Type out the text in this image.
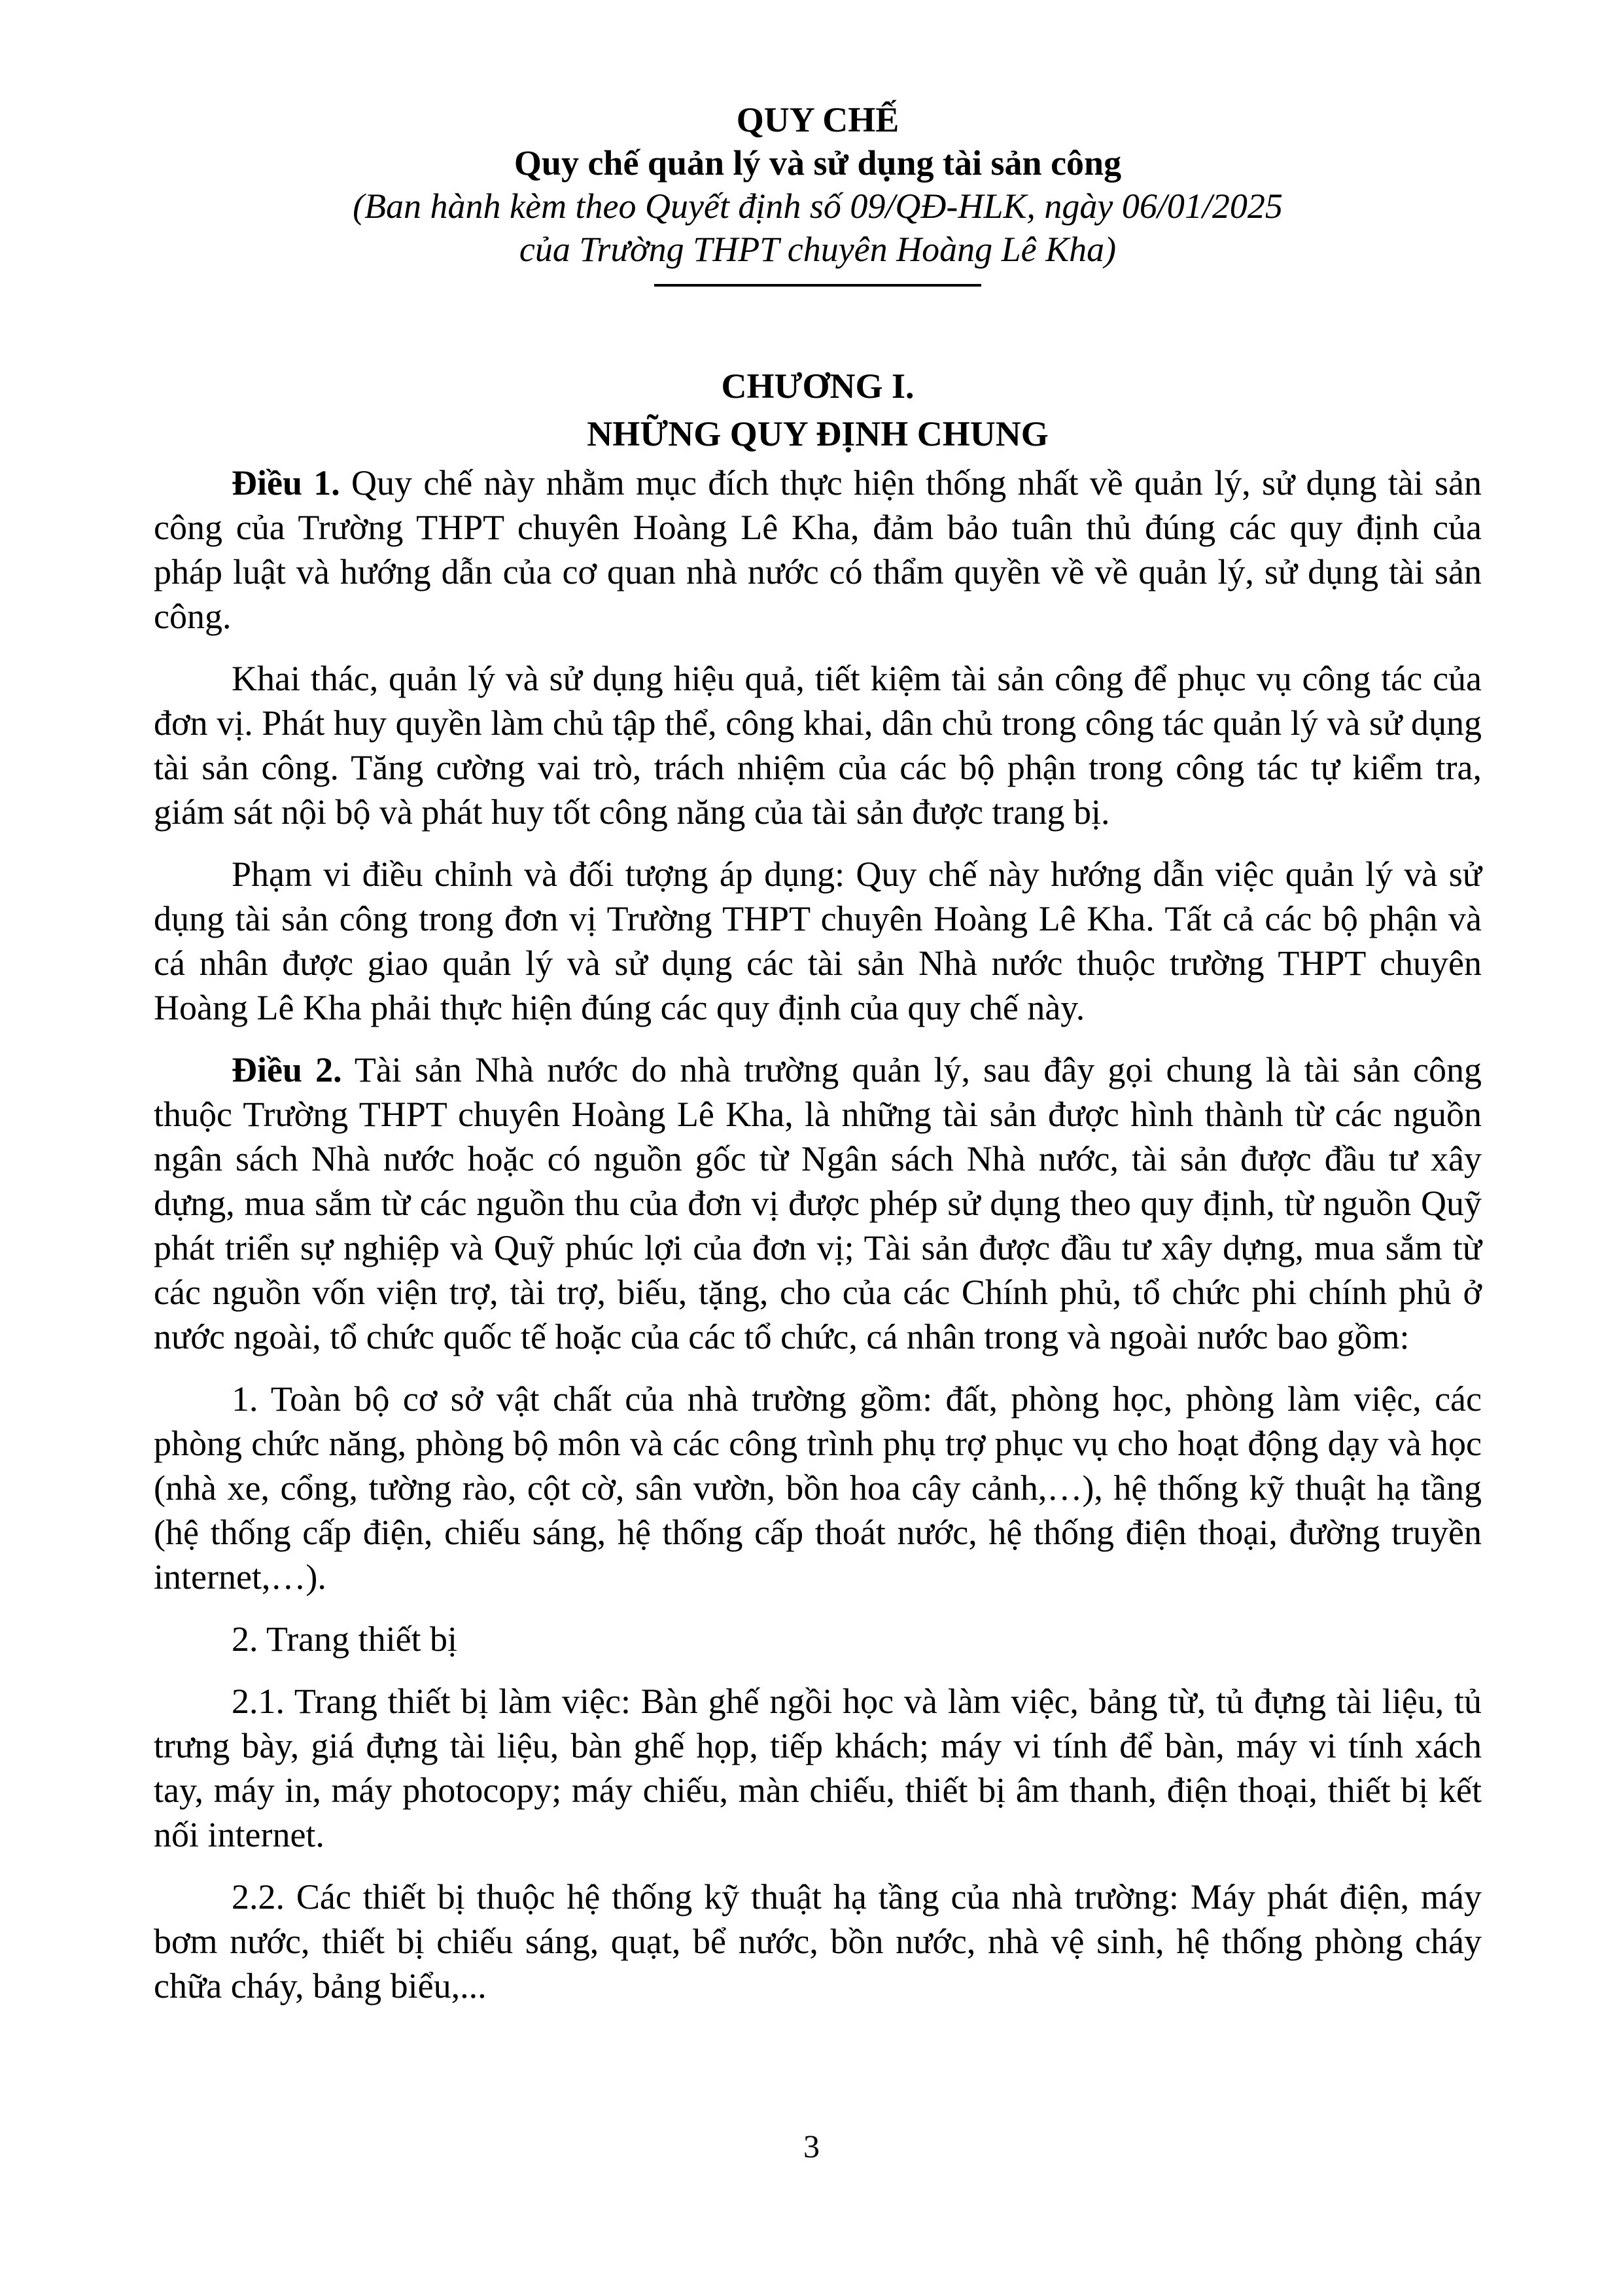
QUY CHẾ

Quy chế quản lý và sử dụng tài sản công

(Ban hành kèm theo Quyết định số 09/QĐ-HLK, ngày 06/01/2025

của Trường THPT chuyên Hoàng Lê Kha)

CHƯƠNG I.

NHỮNG QUY ĐỊNH CHUNG

Điều 1. Quy chế này nhằm mục đích thực hiện thống nhất về quản lý, sử dụng tài sản công của Trường THPT chuyên Hoàng Lê Kha, đảm bảo tuân thủ đúng các quy định của pháp luật và hướng dẫn của cơ quan nhà nước có thẩm quyền về về quản lý, sử dụng tài sản công.

Khai thác, quản lý và sử dụng hiệu quả, tiết kiệm tài sản công để phục vụ công tác của đơn vị. Phát huy quyền làm chủ tập thể, công khai, dân chủ trong công tác quản lý và sử dụng tài sản công. Tăng cường vai trò, trách nhiệm của các bộ phận trong công tác tự kiểm tra, giám sát nội bộ và phát huy tốt công năng của tài sản được trang bị.

Phạm vi điều chỉnh và đối tượng áp dụng: Quy chế này hướng dẫn việc quản lý và sử dụng tài sản công trong đơn vị Trường THPT chuyên Hoàng Lê Kha. Tất cả các bộ phận và cá nhân được giao quản lý và sử dụng các tài sản Nhà nước thuộc trường THPT chuyên Hoàng Lê Kha phải thực hiện đúng các quy định của quy chế này.

Điều 2. Tài sản Nhà nước do nhà trường quản lý, sau đây gọi chung là tài sản công thuộc Trường THPT chuyên Hoàng Lê Kha, là những tài sản được hình thành từ các nguồn ngân sách Nhà nước hoặc có nguồn gốc từ Ngân sách Nhà nước, tài sản được đầu tư xây dựng, mua sắm từ các nguồn thu của đơn vị được phép sử dụng theo quy định, từ nguồn Quỹ phát triển sự nghiệp và Quỹ phúc lợi của đơn vị; Tài sản được đầu tư xây dựng, mua sắm từ các nguồn vốn viện trợ, tài trợ, biếu, tặng, cho của các Chính phủ, tổ chức phi chính phủ ở nước ngoài, tổ chức quốc tế hoặc của các tổ chức, cá nhân trong và ngoài nước bao gồm:

1. Toàn bộ cơ sở vật chất của nhà trường gồm: đất, phòng học, phòng làm việc, các phòng chức năng, phòng bộ môn và các công trình phụ trợ phục vụ cho hoạt động dạy và học (nhà xe, cổng, tường rào, cột cờ, sân vườn, bồn hoa cây cảnh,…), hệ thống kỹ thuật hạ tầng (hệ thống cấp điện, chiếu sáng, hệ thống cấp thoát nước, hệ thống điện thoại, đường truyền internet,…).

2. Trang thiết bị

2.1. Trang thiết bị làm việc: Bàn ghế ngồi học và làm việc, bảng từ, tủ đựng tài liệu, tủ trưng bày, giá đựng tài liệu, bàn ghế họp, tiếp khách; máy vi tính để bàn, máy vi tính xách tay, máy in, máy photocopy; máy chiếu, màn chiếu, thiết bị âm thanh, điện thoại, thiết bị kết nối internet.

2.2. Các thiết bị thuộc hệ thống kỹ thuật hạ tầng của nhà trường: Máy phát điện, máy bơm nước, thiết bị chiếu sáng, quạt, bể nước, bồn nước, nhà vệ sinh, hệ thống phòng cháy chữa cháy, bảng biểu,...

3
